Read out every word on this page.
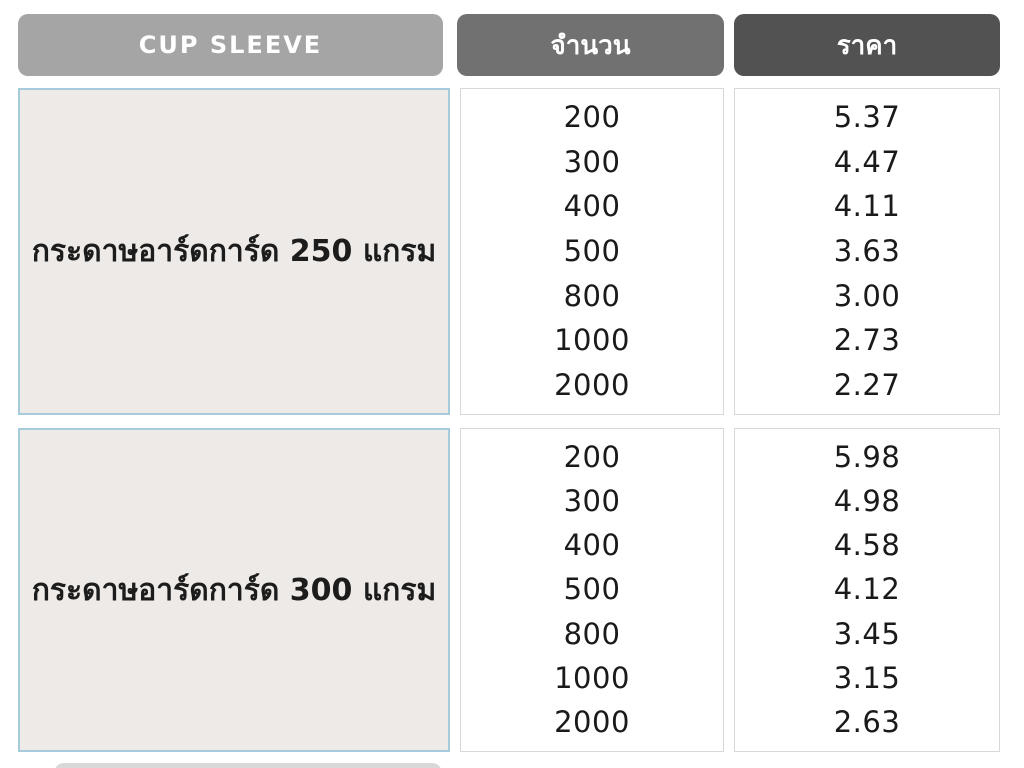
CUP SLEEVE	จำนวน	ราคา
กระดาษอาร์ดการ์ด 250 แกรม
200
300
400
500
800
1000
2000
5.37
4.47
4.11
3.63
3.00
2.73
2.27
กระดาษอาร์ดการ์ด 300 แกรม
200
300
400
500
800
1000
2000
5.98
4.98
4.58
4.12
3.45
3.15
2.63
